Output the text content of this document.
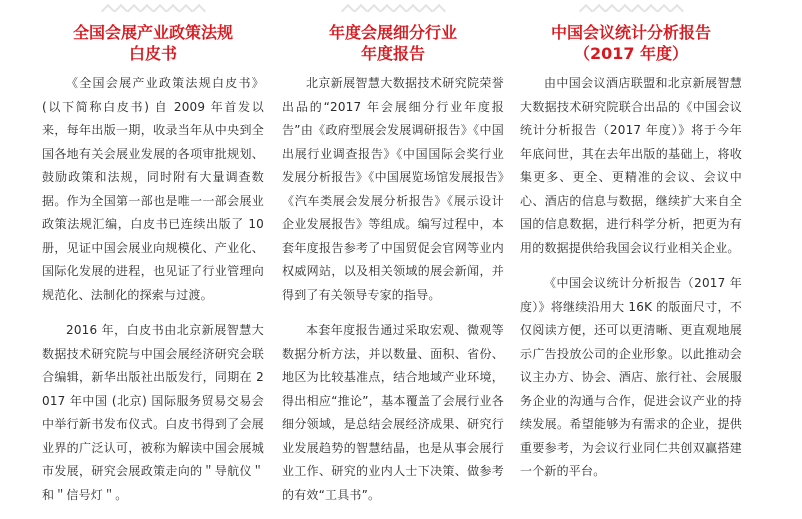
全国会展产业政策法规
白皮书

《全国会展产业政策法规白皮书》(以下简称白皮书) 自 2009 年首发以来，每年出版一期，收录当年从中央到全国各地有关会展业发展的各项审批规划、鼓励政策和法规，同时附有大量调查数据。作为全国第一部也是唯一一部会展业政策法规汇编，白皮书已连续出版了 10 册，见证中国会展业向规模化、产业化、国际化发展的进程，也见证了行业管理向规范化、法制化的探索与过渡。

2016 年，白皮书由北京新展智慧大数据技术研究院与中国会展经济研究会联合编辑，新华出版社出版发行，同期在 2017 年中国 (北京) 国际服务贸易交易会中举行新书发布仪式。白皮书得到了会展业界的广泛认可，被称为解读中国会展城市发展，研究会展政策走向的＂导航仪＂和＂信号灯＂。

年度会展细分行业
年度报告

北京新展智慧大数据技术研究院荣誉出品的“2017 年会展细分行业年度报告”由《政府型展会发展调研报告》《中国出展行业调查报告》《中国国际会奖行业发展分析报告》《中国展览场馆发展报告》《汽车类展会发展分析报告》《展示设计企业发展报告》等组成。编写过程中，本套年度报告参考了中国贸促会官网等业内权威网站，以及相关领域的展会新闻，并得到了有关领导专家的指导。

本套年度报告通过采取宏观、微观等数据分析方法，并以数量、面积、省份、地区为比较基准点，结合地域产业环境，得出相应“推论”，基本覆盖了会展行业各细分领域，是总结会展经济成果、研究行业发展趋势的智慧结晶，也是从事会展行业工作、研究的业内人士下决策、做参考的有效“工具书”。

中国会议统计分析报告
（2017 年度）

由中国会议酒店联盟和北京新展智慧大数据技术研究院联合出品的《中国会议统计分析报告（2017 年度）》将于今年年底问世，其在去年出版的基础上，将收集更多、更全、更精准的会议、会议中心、酒店的信息与数据，继续扩大来自全国的信息数据，进行科学分析，把更为有用的数据提供给我国会议行业相关企业。

《中国会议统计分析报告（2017 年度）》将继续沿用大 16K 的版面尺寸，不仅阅读方便，还可以更清晰、更直观地展示广告投放公司的企业形象。以此推动会议主办方、协会、酒店、旅行社、会展服务企业的沟通与合作，促进会议产业的持续发展。希望能够为有需求的企业，提供重要参考，为会议行业同仁共创双赢搭建一个新的平台。
